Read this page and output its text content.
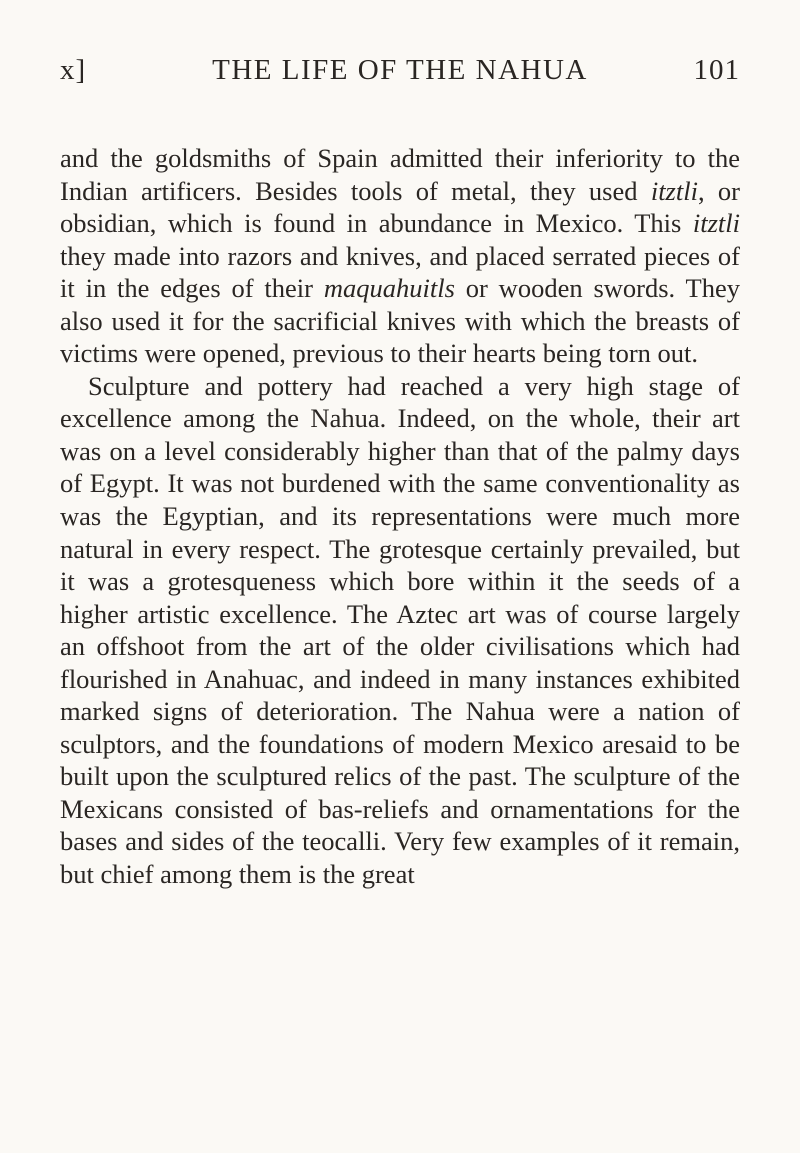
x]	THE LIFE OF THE NAHUA	101

and the goldsmiths of Spain admitted their inferiority to the Indian artificers. Besides tools of metal, they used itztli, or obsidian, which is found in abundance in Mexico. This itztli they made into razors and knives, and placed serrated pieces of it in the edges of their maquahuitls or wooden swords. They also used it for the sacrificial knives with which the breasts of victims were opened, previous to their hearts being torn out.

Sculpture and pottery had reached a very high stage of excellence among the Nahua. Indeed, on the whole, their art was on a level considerably higher than that of the palmy days of Egypt. It was not burdened with the same conventionality as was the Egyptian, and its representations were much more natural in every respect. The grotesque certainly prevailed, but it was a grotesqueness which bore within it the seeds of a higher artistic excellence. The Aztec art was of course largely an offshoot from the art of the older civilisations which had flourished in Anahuac, and indeed in many instances exhibited marked signs of deterioration. The Nahua were a nation of sculptors, and the foundations of modern Mexico aresaid to be built upon the sculptured relics of the past. The sculpture of the Mexicans consisted of bas-reliefs and ornamentations for the bases and sides of the teocalli. Very few examples of it remain, but chief among them is the great
